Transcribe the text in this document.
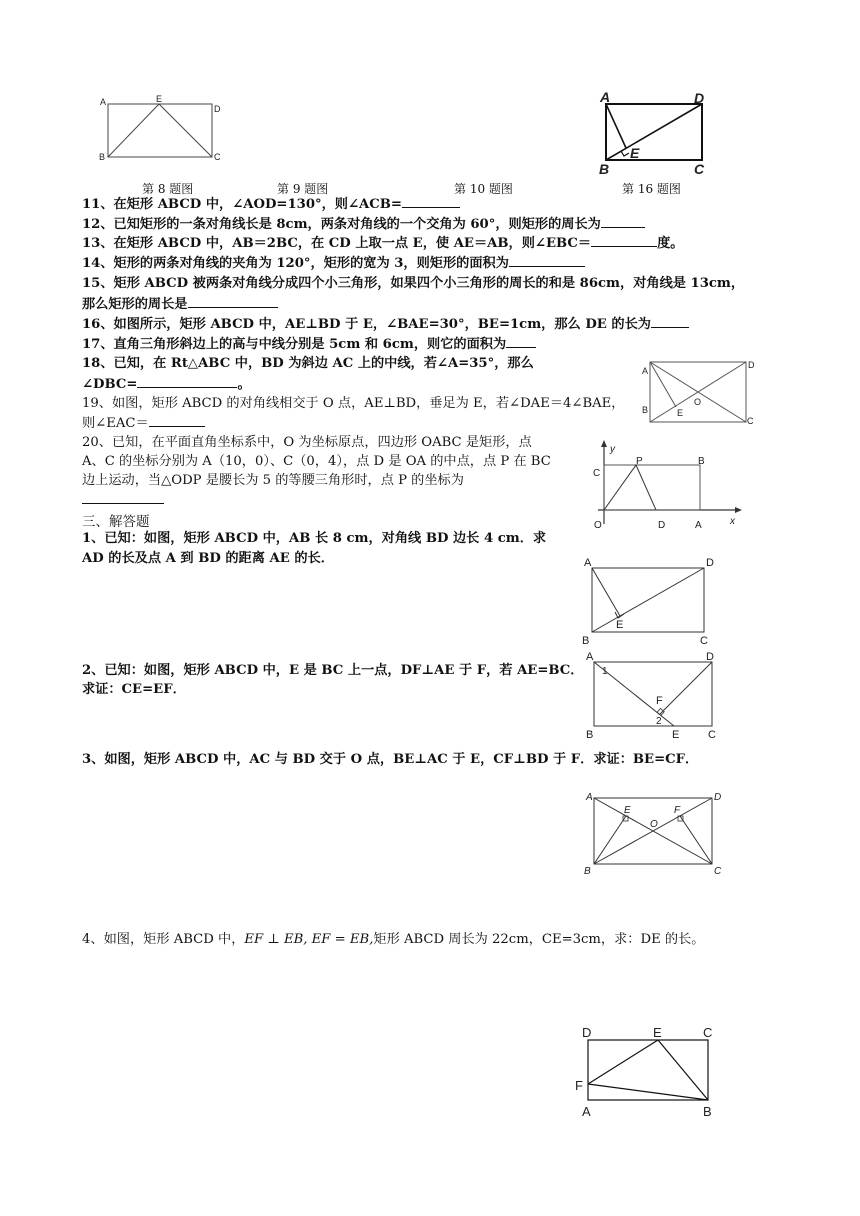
A	E
D
B	C
A	D
E
B	C
第 8 题图	第 9 题图	第 10 题图	第 16 题图
11、在矩形 ABCD 中，∠AOD=130°，则∠ACB=
12、已知矩形的一条对角线长是 8cm，两条对角线的一个交角为 60°，则矩形的周长为
13、在矩形 ABCD 中，AB＝2BC，在 CD 上取一点 E，使 AE＝AB，则∠EBC＝	度。
14、矩形的两条对角线的夹角为 120°，矩形的宽为 3，则矩形的面积为
15、矩形 ABCD 被两条对角线分成四个小三角形，如果四个小三角形的周长的和是 86cm，对角线是 13cm，
那么矩形的周长是
16、如图所示，矩形 ABCD 中，AE⊥BD 于 E，∠BAE=30°，BE=1cm，那么 DE 的长为
17、直角三角形斜边上的高与中线分别是 5cm 和 6cm，则它的面积为
18、已知，在 Rt△ABC 中，BD 为斜边 AC 上的中线，若∠A=35°，那么
∠DBC=	。
19、如图，矩形 ABCD 的对角线相交于 O 点，AE⊥BD，垂足为 E，若∠DAE＝4∠BAE，
则∠EAC＝
20、已知，在平面直角坐标系中，O 为坐标原点，四边形 OABC 是矩形，点
A、C 的坐标分别为 A（10，0）、C（0，4），点 D 是 OA 的中点，点 P 在 BC
边上运动，当△ODP 是腰长为 5 的等腰三角形时，点 P 的坐标为
A
D
B	E
O
C
y
C
P	B
O	D	A	x
三、解答题
1、已知：如图，矩形 ABCD 中，AB 长 8 cm，对角线 BD 边长 4 cm．求
AD 的长及点 A 到 BD 的距离 AE 的长．	A	D
E
B	C
2、已知：如图，矩形 ABCD 中，E 是 BC 上一点，DF⊥AE 于 F，若 AE=BC．
求证：CE=EF．
A
1
D
F
2
E
B	C
3、如图，矩形 ABCD 中，AC 与 BD 交于 O 点，BE⊥AC 于 E，CF⊥BD 于 F．求证：BE=CF．
A
E
O
F
D
B	C
4、如图，矩形 ABCD 中，EF ⊥ EB, EF = EB,矩形 ABCD 周长为 22cm，CE=3cm，求：DE 的长。
D	E	C
F
A	B
